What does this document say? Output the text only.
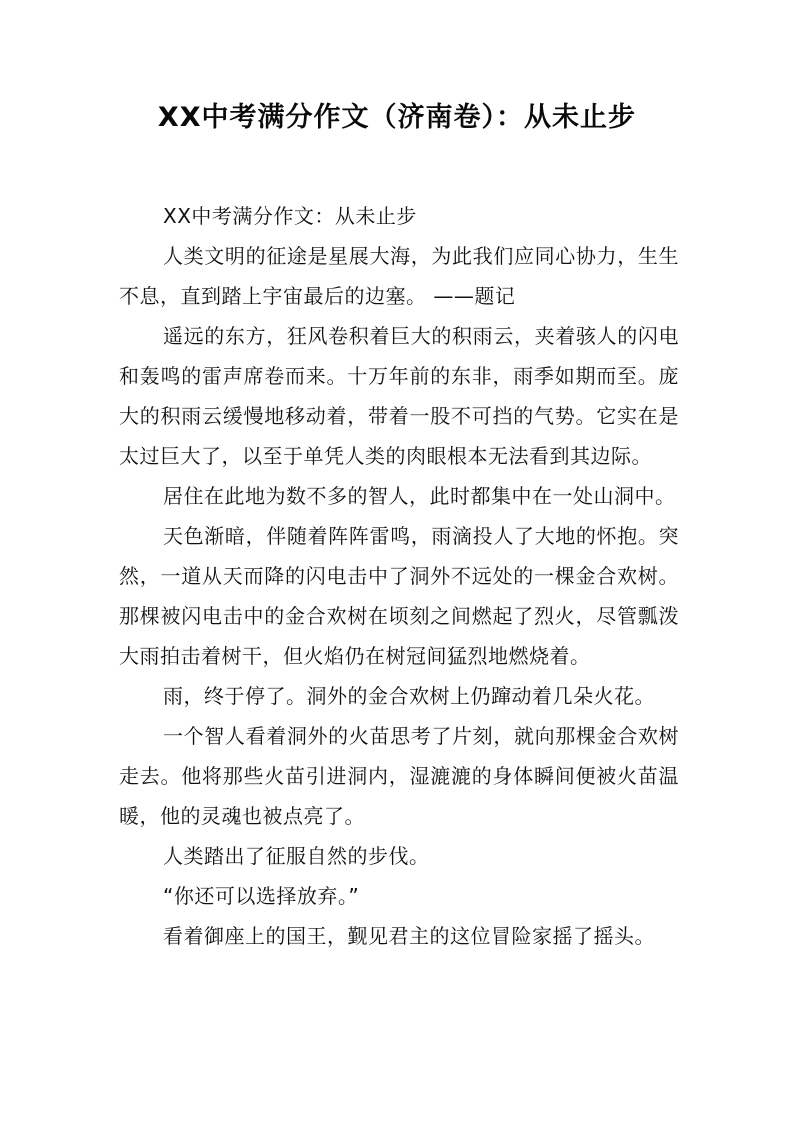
XX中考满分作文（济南卷）：从未止步

XX中考满分作文：从未止步

人类文明的征途是星展大海，为此我们应同心协力，生生不息，直到踏上宇宙最后的边塞。 ——题记

遥远的东方，狂风卷积着巨大的积雨云，夹着骇人的闪电和轰鸣的雷声席卷而来。十万年前的东非，雨季如期而至。庞大的积雨云缓慢地移动着，带着一股不可挡的气势。它实在是太过巨大了，以至于单凭人类的肉眼根本无法看到其边际。

居住在此地为数不多的智人，此时都集中在一处山洞中。

天色渐暗，伴随着阵阵雷鸣，雨滴投人了大地的怀抱。突然，一道从天而降的闪电击中了洞外不远处的一棵金合欢树。那棵被闪电击中的金合欢树在顷刻之间燃起了烈火，尽管瓢泼大雨拍击着树干，但火焰仍在树冠间猛烈地燃烧着。

雨，终于停了。洞外的金合欢树上仍蹿动着几朵火花。

一个智人看着洞外的火苗思考了片刻，就向那棵金合欢树走去。他将那些火苗引进洞内，湿漉漉的身体瞬间便被火苗温暖，他的灵魂也被点亮了。

人类踏出了征服自然的步伐。

“你还可以选择放弃。”

看着御座上的国王，觐见君主的这位冒险家摇了摇头。
